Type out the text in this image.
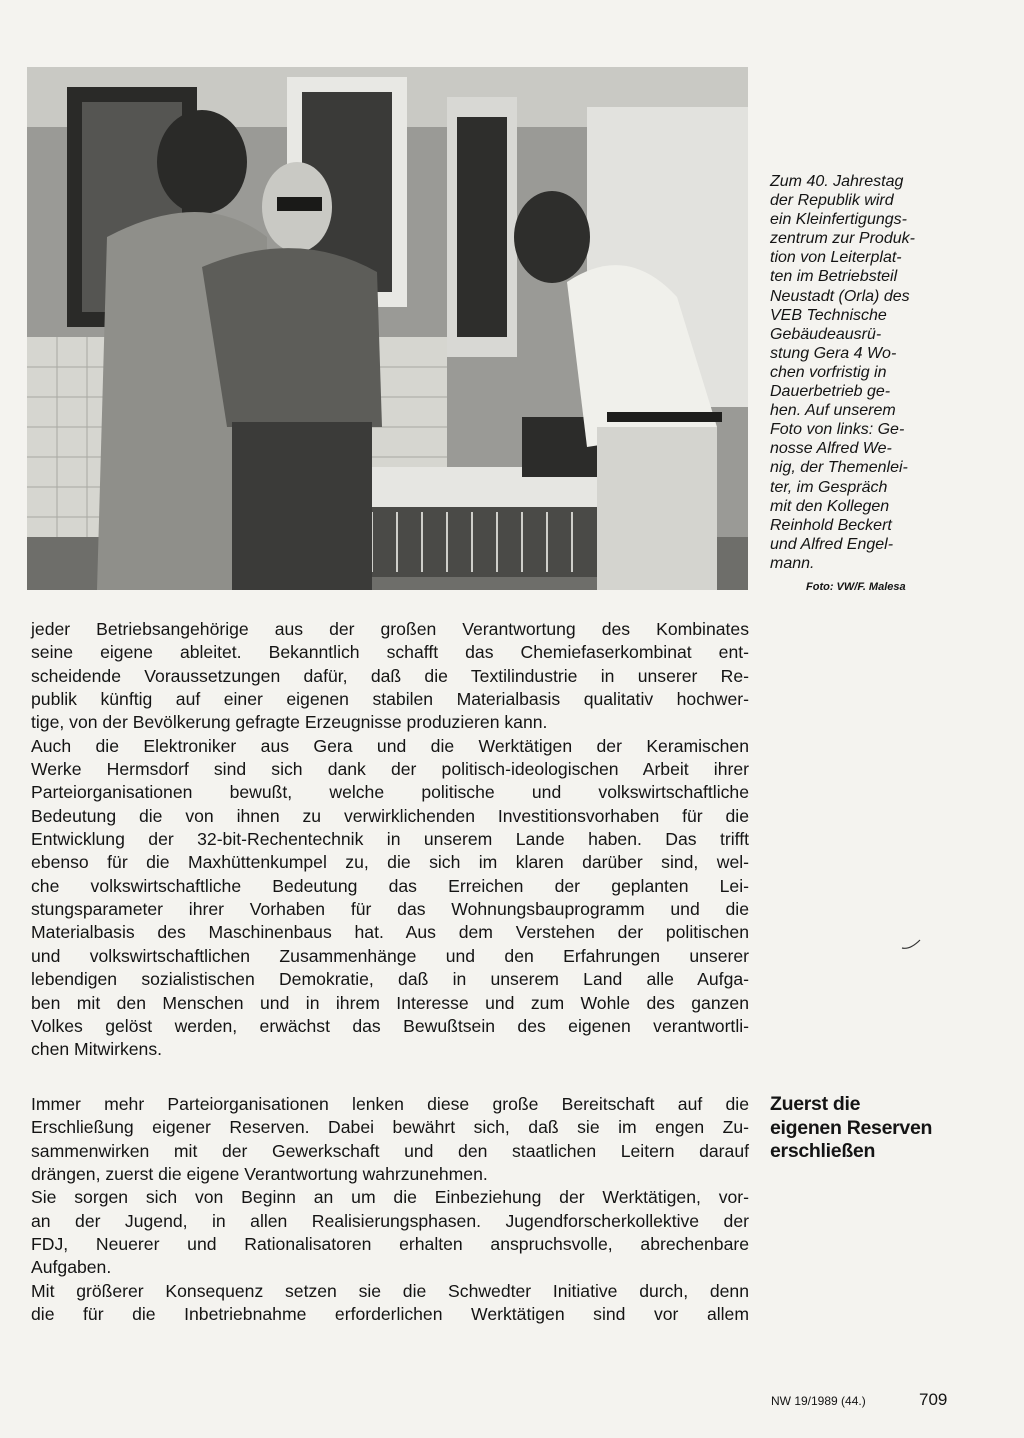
Zum 40. Jahrestag
der Republik wird
ein Kleinfertigungs-
zentrum zur Produk-
tion von Leiterplat-
ten im Betriebsteil
Neustadt (Orla) des
VEB Technische
Gebäudeausrü-
stung Gera 4 Wo-
chen vorfristig in
Dauerbetrieb ge-
hen. Auf unserem
Foto von links: Ge-
nosse Alfred We-
nig, der Themenlei-
ter, im Gespräch
mit den Kollegen
Reinhold Beckert
und Alfred Engel-
mann.
Foto: VW/F. Malesa
jeder Betriebsangehörige aus der großen Verantwortung des Kombinates
seine eigene ableitet. Bekanntlich schafft das Chemiefaserkombinat ent-
scheidende Voraussetzungen dafür, daß die Textilindustrie in unserer Re-
publik künftig auf einer eigenen stabilen Materialbasis qualitativ hochwer-
tige, von der Bevölkerung gefragte Erzeugnisse produzieren kann.
Auch die Elektroniker aus Gera und die Werktätigen der Keramischen
Werke Hermsdorf sind sich dank der politisch-ideologischen Arbeit ihrer
Parteiorganisationen bewußt, welche politische und volkswirtschaftliche
Bedeutung die von ihnen zu verwirklichenden Investitionsvorhaben für die
Entwicklung der 32-bit-Rechentechnik in unserem Lande haben. Das trifft
ebenso für die Maxhüttenkumpel zu, die sich im klaren darüber sind, wel-
che volkswirtschaftliche Bedeutung das Erreichen der geplanten Lei-
stungsparameter ihrer Vorhaben für das Wohnungsbauprogramm und die
Materialbasis des Maschinenbaus hat. Aus dem Verstehen der politischen
und volkswirtschaftlichen Zusammenhänge und den Erfahrungen unserer
lebendigen sozialistischen Demokratie, daß in unserem Land alle Aufga-
ben mit den Menschen und in ihrem Interesse und zum Wohle des ganzen
Volkes gelöst werden, erwächst das Bewußtsein des eigenen verantwortli-
chen Mitwirkens.
Immer mehr Parteiorganisationen lenken diese große Bereitschaft auf die
Erschließung eigener Reserven. Dabei bewährt sich, daß sie im engen Zu-
sammenwirken mit der Gewerkschaft und den staatlichen Leitern darauf
drängen, zuerst die eigene Verantwortung wahrzunehmen.
Sie sorgen sich von Beginn an um die Einbeziehung der Werktätigen, vor-
an der Jugend, in allen Realisierungsphasen. Jugendforscherkollektive der
FDJ, Neuerer und Rationalisatoren erhalten anspruchsvolle, abrechenbare
Aufgaben.
Mit größerer Konsequenz setzen sie die Schwedter Initiative durch, denn
die für die Inbetriebnahme erforderlichen Werktätigen sind vor allem
Zuerst die
eigenen Reserven
erschließen
NW 19/1989 (44.)	709
